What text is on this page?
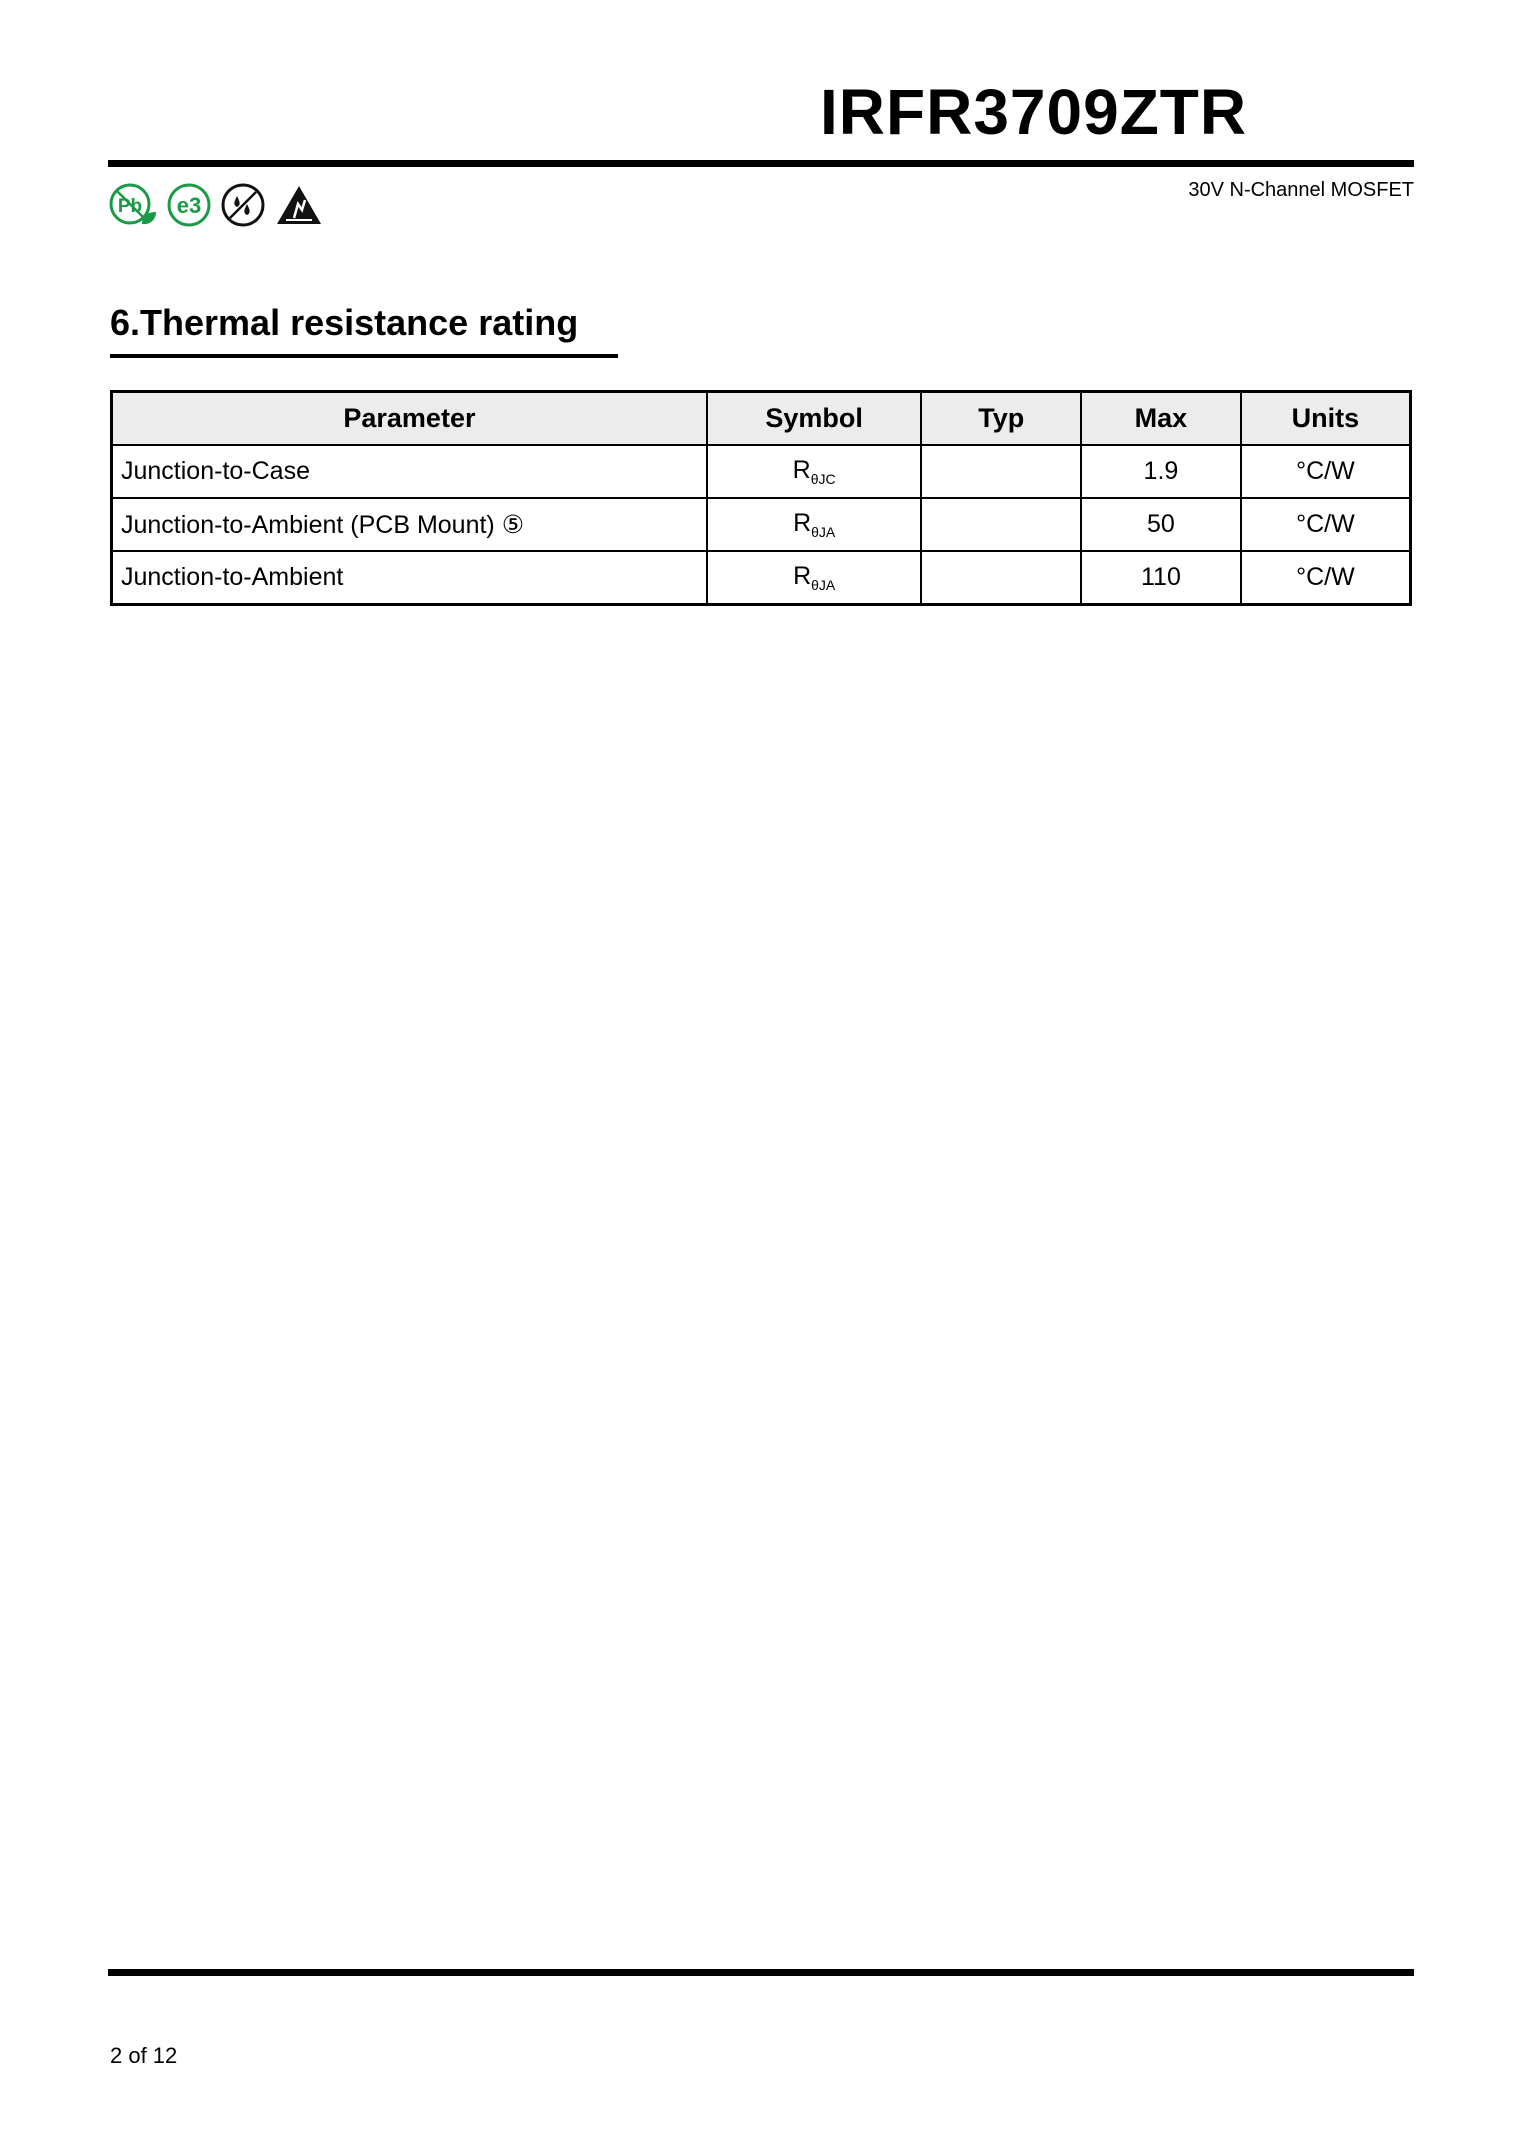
IRFR3709ZTR
Pb e3
30V N-Channel MOSFET
6.Thermal resistance rating
Parameter	Symbol	Typ	Max	Units
Junction-to-Case	$R_{\theta JC}$		1.9	°C/W
Junction-to-Ambient (PCB Mount) ⑤	$R_{\theta JA}$		50	°C/W
Junction-to-Ambient	$R_{\theta JA}$		110	°C/W
2 of 12
